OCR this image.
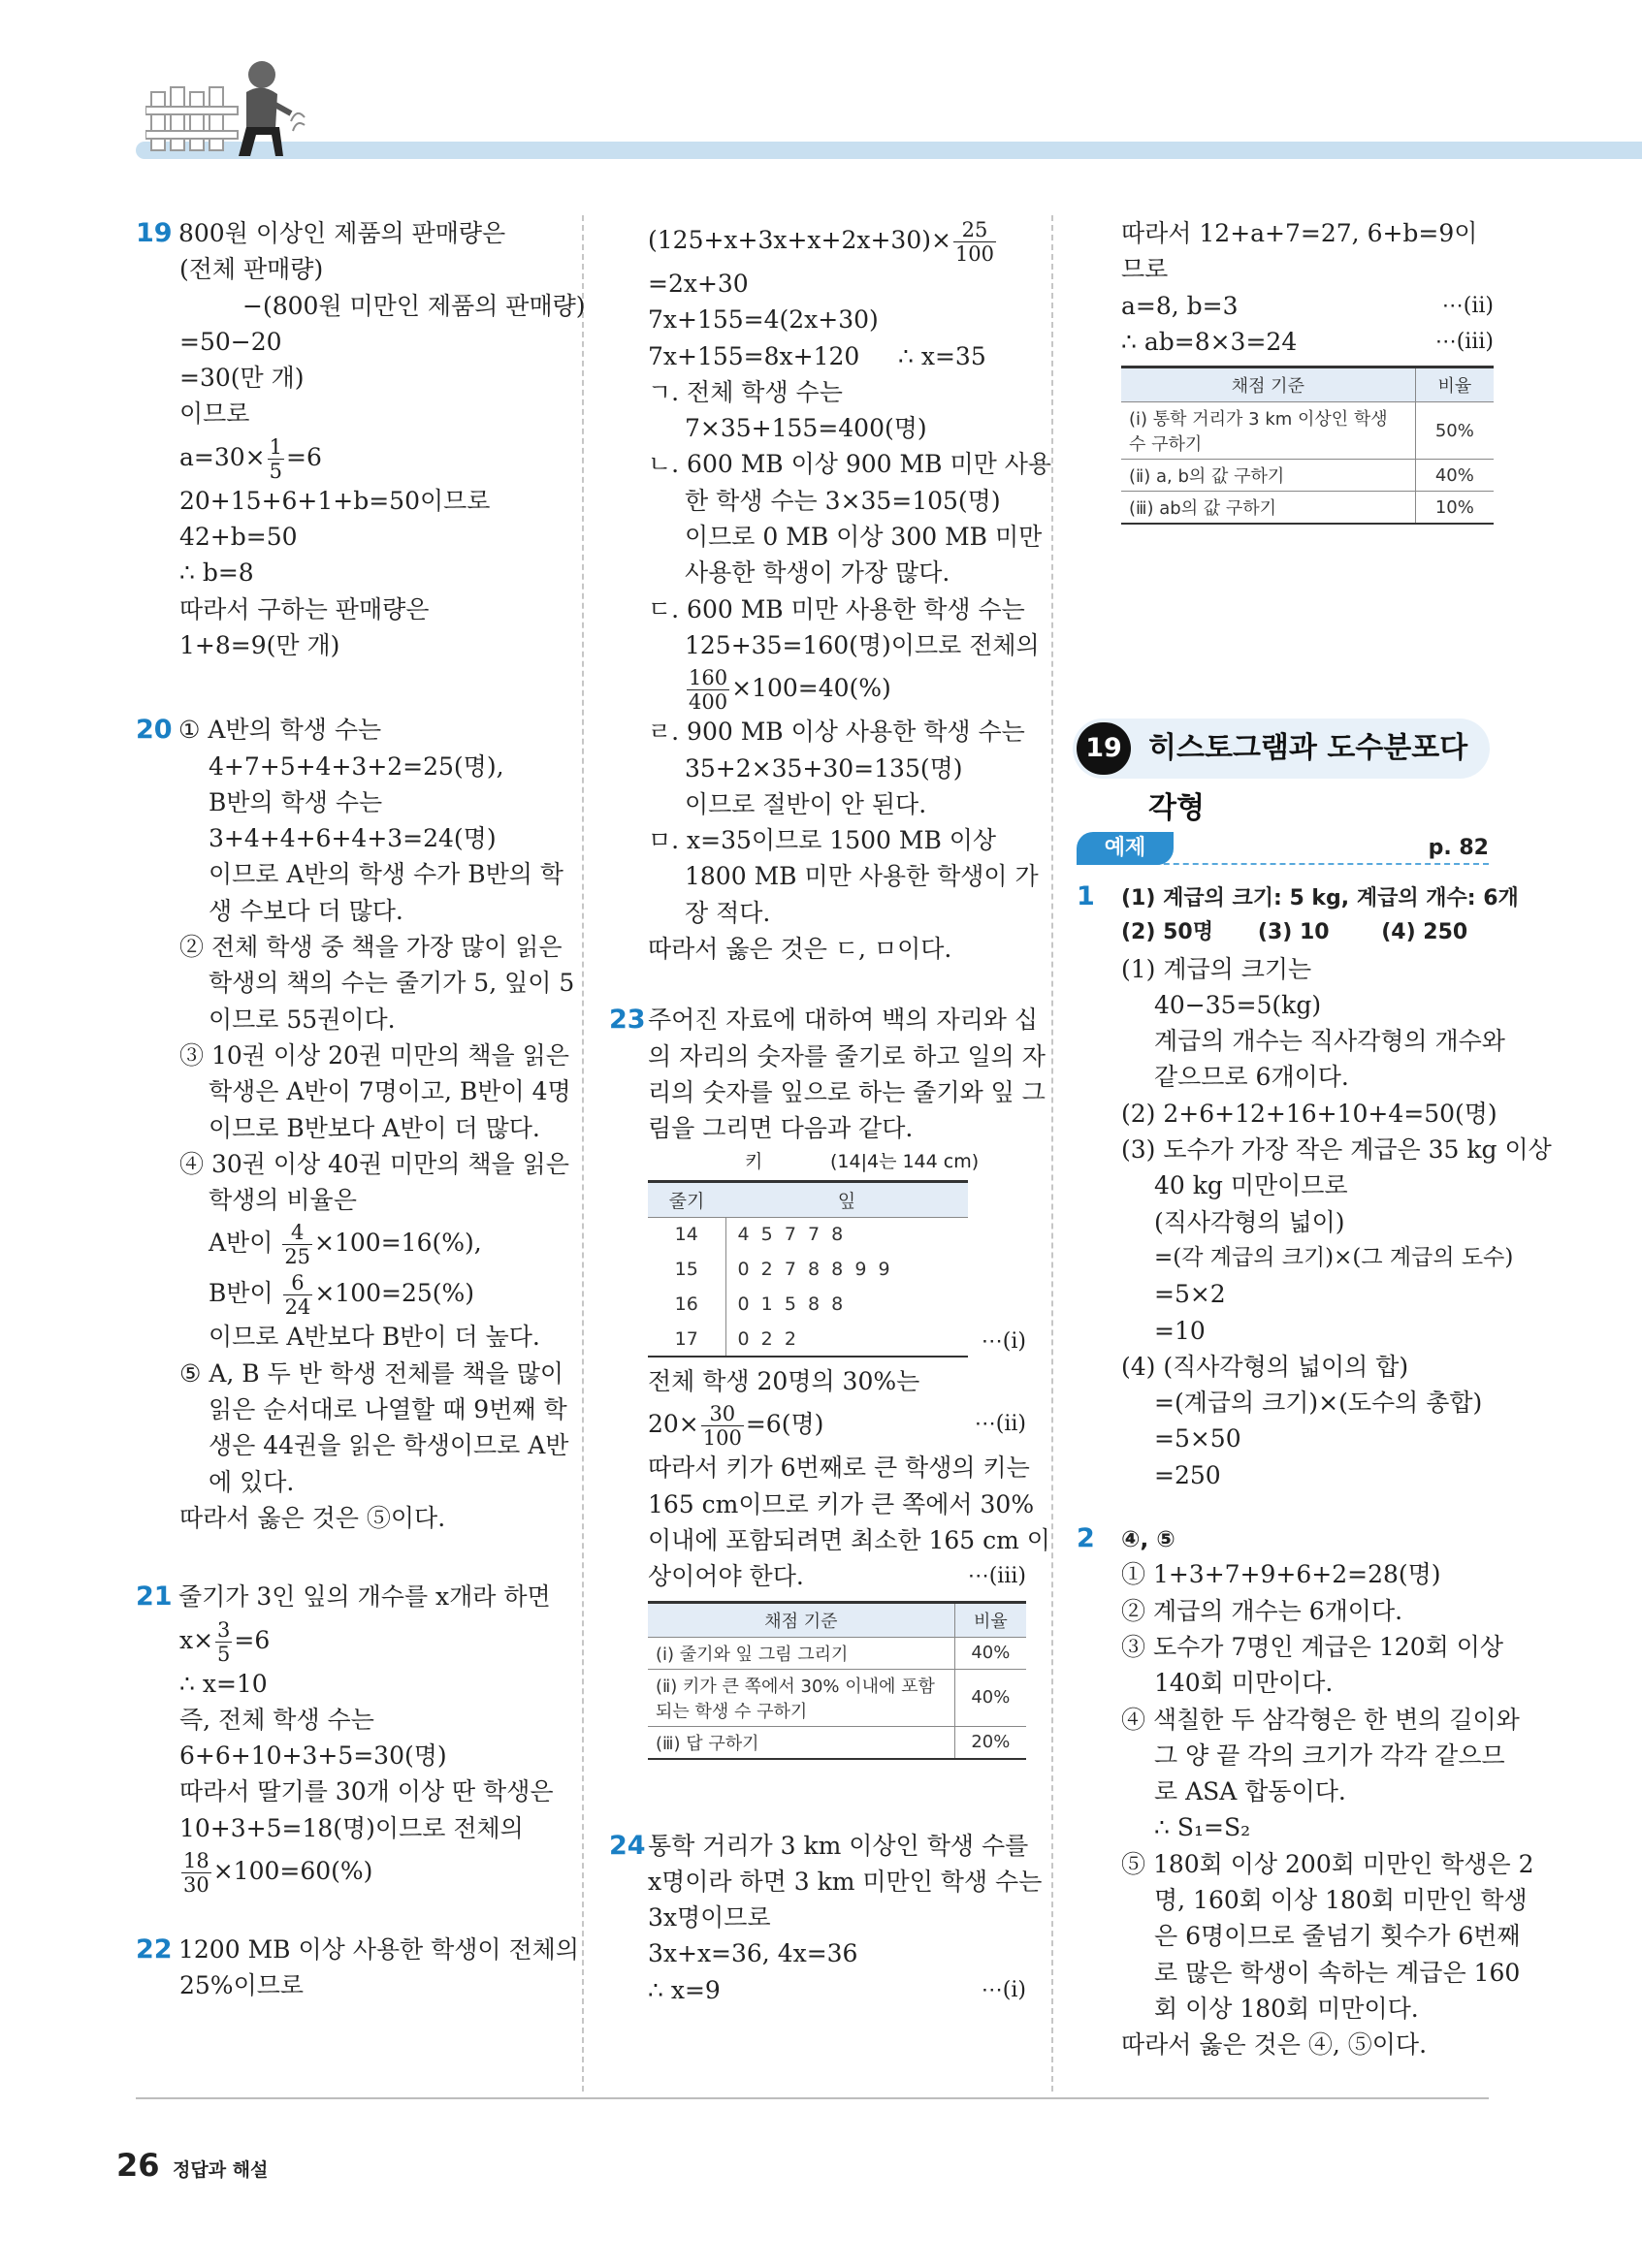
19 800원 이상인 제품의 판매량은
(전체 판매량)
−(800원 미만인 제품의 판매량)
=50−20
=30(만 개)
이므로
$a=30\times \frac{1}{5} =6$
20+15+6+1+b=50이므로
42+b=50
∴ b=8
따라서 구하는 판매량은
1+8=9(만 개)
20 ① A반의 학생 수는
4+7+5+4+3+2=25(명),
B반의 학생 수는
3+4+4+6+4+3=24(명)
이므로 A반의 학생 수가 B반의 학
생 수보다 더 많다.
② 전체 학생 중 책을 가장 많이 읽은
학생의 책의 수는 줄기가 5, 잎이 5
이므로 55권이다.
③ 10권 이상 20권 미만의 책을 읽은
학생은 A반이 7명이고, B반이 4명
이므로 B반보다 A반이 더 많다.
④ 30권 이상 40권 미만의 책을 읽은
학생의 비율은
A반이 $\frac{4}{25} \times 100=16(\%)$,
B반이 $\frac{6}{24} \times 100=25(\%)$
이므로 A반보다 B반이 더 높다.
⑤ A, B 두 반 학생 전체를 책을 많이
읽은 순서대로 나열할 때 9번째 학
생은 44권을 읽은 학생이므로 A반
에 있다.
따라서 옳은 것은 ⑤이다.
21 줄기가 3인 잎의 개수를 x개라 하면
$x\times \frac{3}{5} =6$
∴ x=10
즉, 전체 학생 수는
6+6+10+3+5=30(명)
따라서 딸기를 30개 이상 딴 학생은
10+3+5=18(명)이므로 전체의
$\frac{18}{30} \times 100=60(\%)$
22 1200 MB 이상 사용한 학생이 전체의
25%이므로
$(125+x+3x+x+2x+30)\times \frac{25}{100}$
=2x+30
7x+155=4(2x+30)
7x+155=8x+120     ∴ x=35
ㄱ. 전체 학생 수는
7×35+155=400(명)
ㄴ. 600 MB 이상 900 MB 미만 사용
한 학생 수는 3×35=105(명)
이므로 0 MB 이상 300 MB 미만
사용한 학생이 가장 많다.
ㄷ. 600 MB 미만 사용한 학생 수는
125+35=160(명)이므로 전체의
$\frac{160}{400} \times 100=40(\%)$
ㄹ. 900 MB 이상 사용한 학생 수는
35+2×35+30=135(명)
이므로 절반이 안 된다.
ㅁ. x=35이므로 1500 MB 이상
1800 MB 미만 사용한 학생이 가
장 적다.
따라서 옳은 것은 ㄷ, ㅁ이다.
23주어진 자료에 대하여 백의 자리와 십
의 자리의 숫자를 줄기로 하고 일의 자
리의 숫자를 잎으로 하는 줄기와 잎 그
림을 그리면 다음과 같다.
키	(14|4는 144 cm)
줄기	잎
14	4  5  7  7  8
15	0  2  7  8  8  9  9
16	0  1  5  8  8
17	0  2  2	⋯(ⅰ)
전체 학생 20명의 30%는
$20\times \frac{30}{100} =6$(명)	⋯(ⅱ)
따라서 키가 6번째로 큰 학생의 키는
165 cm이므로 키가 큰 쪽에서 30%
이내에 포함되려면 최소한 165 cm 이
상이어야 한다.	⋯(ⅲ)
채점 기준	비율
(ⅰ) 줄기와 잎 그림 그리기	40%
(ⅱ) 키가 큰 쪽에서 30% 이내에 포함되는 학생 수 구하기	40%
(ⅲ) 답 구하기	20%
24통학 거리가 3 km 이상인 학생 수를
x명이라 하면 3 km 미만인 학생 수는
3x명이므로
3x+x=36, 4x=36
∴ x=9	⋯(ⅰ)
따라서 12+a+7=27, 6+b=9이
므로
a=8, b=3	⋯(ⅱ)
∴ ab=8×3=24	⋯(ⅲ)
채점 기준	비율
(ⅰ) 통학 거리가 3 km 이상인 학생 수 구하기	50%
(ⅱ) a, b의 값 구하기	40%
(ⅲ) ab의 값 구하기	10%
19 히스토그램과 도수분포다각형
예제	p. 82
1 (1) 계급의 크기: 5 kg, 계급의 개수: 6개
(2) 50명      (3) 10       (4) 250
(1) 계급의 크기는
40−35=5(kg)
계급의 개수는 직사각형의 개수와
같으므로 6개이다.
(2) 2+6+12+16+10+4=50(명)
(3) 도수가 가장 작은 계급은 35 kg 이상
40 kg 미만이므로
(직사각형의 넓이)
=(각 계급의 크기)×(그 계급의 도수)
=5×2
=10
(4) (직사각형의 넓이의 합)
=(계급의 크기)×(도수의 총합)
=5×50
=250
2 ④, ⑤
① 1+3+7+9+6+2=28(명)
② 계급의 개수는 6개이다.
③ 도수가 7명인 계급은 120회 이상
140회 미만이다.
④ 색칠한 두 삼각형은 한 변의 길이와
그 양 끝 각의 크기가 각각 같으므
로 ASA 합동이다.
∴ S₁=S₂
⑤ 180회 이상 200회 미만인 학생은 2
명, 160회 이상 180회 미만인 학생
은 6명이므로 줄넘기 횟수가 6번째
로 많은 학생이 속하는 계급은 160
회 이상 180회 미만이다.
따라서 옳은 것은 ④, ⑤이다.
26 정답과 해설
